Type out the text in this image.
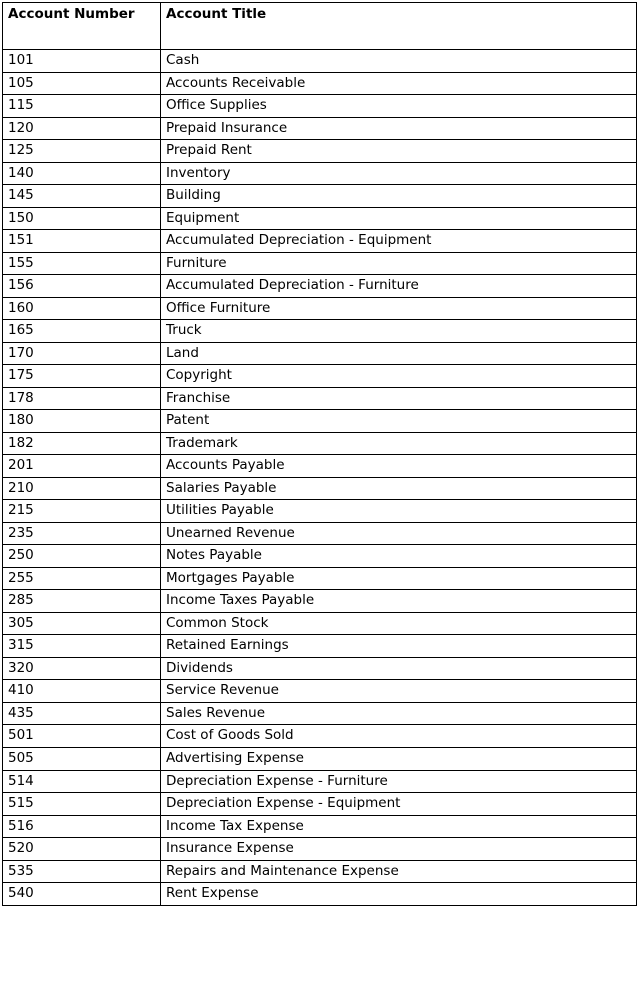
Account Number	Account Title
101	Cash
105	Accounts Receivable
115	Office Supplies
120	Prepaid Insurance
125	Prepaid Rent
140	Inventory
145	Building
150	Equipment
151	Accumulated Depreciation - Equipment
155	Furniture
156	Accumulated Depreciation - Furniture
160	Office Furniture
165	Truck
170	Land
175	Copyright
178	Franchise
180	Patent
182	Trademark
201	Accounts Payable
210	Salaries Payable
215	Utilities Payable
235	Unearned Revenue
250	Notes Payable
255	Mortgages Payable
285	Income Taxes Payable
305	Common Stock
315	Retained Earnings
320	Dividends
410	Service Revenue
435	Sales Revenue
501	Cost of Goods Sold
505	Advertising Expense
514	Depreciation Expense - Furniture
515	Depreciation Expense - Equipment
516	Income Tax Expense
520	Insurance Expense
535	Repairs and Maintenance Expense
540	Rent Expense
